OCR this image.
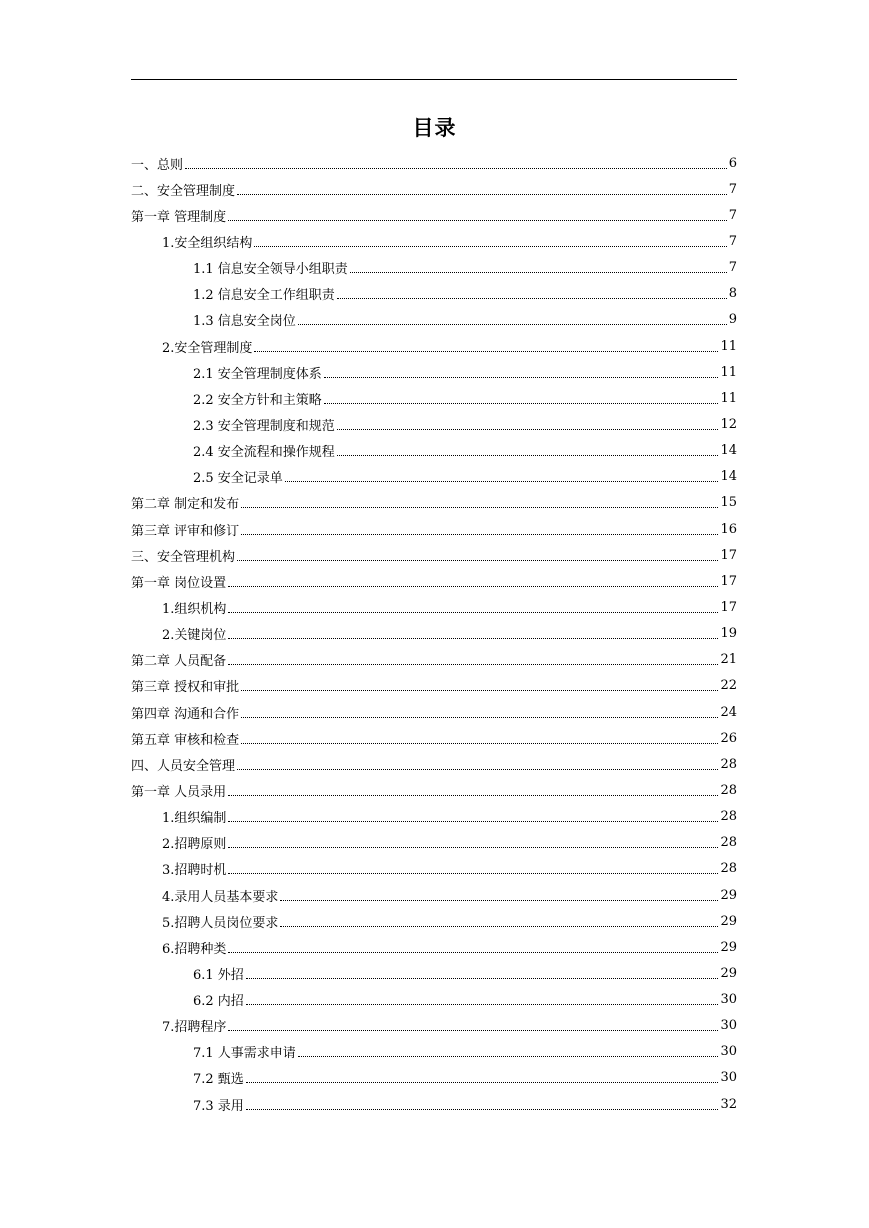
目录
一、总则	6
二、安全管理制度	7
第一章 管理制度	7
1.安全组织结构	7
1.1 信息安全领导小组职责	7
1.2 信息安全工作组职责	8
1.3 信息安全岗位	9
2.安全管理制度	11
2.1 安全管理制度体系	11
2.2 安全方针和主策略	11
2.3 安全管理制度和规范	12
2.4 安全流程和操作规程	14
2.5 安全记录单	14
第二章 制定和发布	15
第三章 评审和修订	16
三、安全管理机构	17
第一章 岗位设置	17
1.组织机构	17
2.关键岗位	19
第二章 人员配备	21
第三章 授权和审批	22
第四章 沟通和合作	24
第五章 审核和检查	26
四、人员安全管理	28
第一章 人员录用	28
1.组织编制	28
2.招聘原则	28
3.招聘时机	28
4.录用人员基本要求	29
5.招聘人员岗位要求	29
6.招聘种类	29
6.1 外招	29
6.2 内招	30
7.招聘程序	30
7.1 人事需求申请	30
7.2 甄选	30
7.3 录用	32
